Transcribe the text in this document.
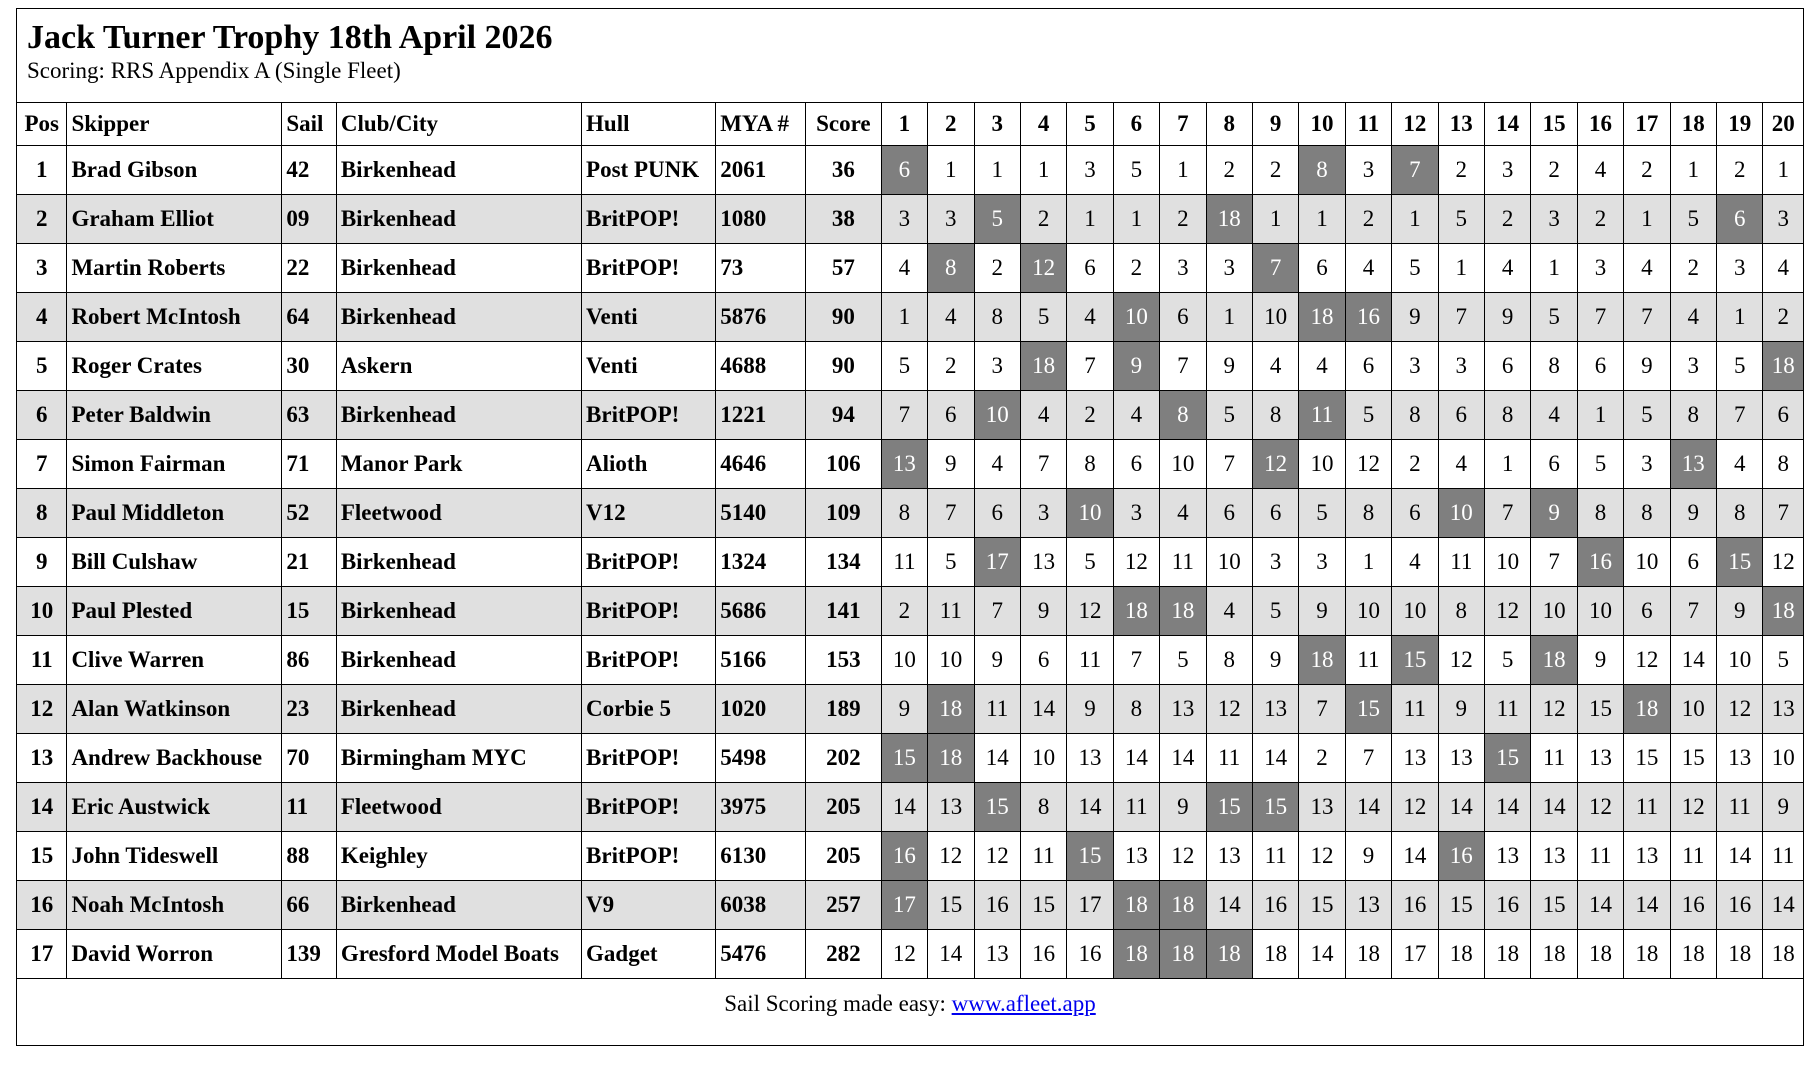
Jack Turner Trophy 18th April 2026
Scoring: RRS Appendix A (Single Fleet)
Pos	Skipper	Sail	Club/City	Hull	MYA #	Score	1	2	3	4	5	6	7	8	9	10	11	12	13	14	15	16	17	18	19	20
1	Brad Gibson	42	Birkenhead	Post PUNK	2061	36	6	1	1	1	3	5	1	2	2	8	3	7	2	3	2	4	2	1	2	1
2	Graham Elliot	09	Birkenhead	BritPOP!	1080	38	3	3	5	2	1	1	2	18	1	1	2	1	5	2	3	2	1	5	6	3
3	Martin Roberts	22	Birkenhead	BritPOP!	73	57	4	8	2	12	6	2	3	3	7	6	4	5	1	4	1	3	4	2	3	4
4	Robert McIntosh	64	Birkenhead	Venti	5876	90	1	4	8	5	4	10	6	1	10	18	16	9	7	9	5	7	7	4	1	2
5	Roger Crates	30	Askern	Venti	4688	90	5	2	3	18	7	9	7	9	4	4	6	3	3	6	8	6	9	3	5	18
6	Peter Baldwin	63	Birkenhead	BritPOP!	1221	94	7	6	10	4	2	4	8	5	8	11	5	8	6	8	4	1	5	8	7	6
7	Simon Fairman	71	Manor Park	Alioth	4646	106	13	9	4	7	8	6	10	7	12	10	12	2	4	1	6	5	3	13	4	8
8	Paul Middleton	52	Fleetwood	V12	5140	109	8	7	6	3	10	3	4	6	6	5	8	6	10	7	9	8	8	9	8	7
9	Bill Culshaw	21	Birkenhead	BritPOP!	1324	134	11	5	17	13	5	12	11	10	3	3	1	4	11	10	7	16	10	6	15	12
10	Paul Plested	15	Birkenhead	BritPOP!	5686	141	2	11	7	9	12	18	18	4	5	9	10	10	8	12	10	10	6	7	9	18
11	Clive Warren	86	Birkenhead	BritPOP!	5166	153	10	10	9	6	11	7	5	8	9	18	11	15	12	5	18	9	12	14	10	5
12	Alan Watkinson	23	Birkenhead	Corbie 5	1020	189	9	18	11	14	9	8	13	12	13	7	15	11	9	11	12	15	18	10	12	13
13	Andrew Backhouse	70	Birmingham MYC	BritPOP!	5498	202	15	18	14	10	13	14	14	11	14	2	7	13	13	15	11	13	15	15	13	10
14	Eric Austwick	11	Fleetwood	BritPOP!	3975	205	14	13	15	8	14	11	9	15	15	13	14	12	14	14	14	12	11	12	11	9
15	John Tideswell	88	Keighley	BritPOP!	6130	205	16	12	12	11	15	13	12	13	11	12	9	14	16	13	13	11	13	11	14	11
16	Noah McIntosh	66	Birkenhead	V9	6038	257	17	15	16	15	17	18	18	14	16	15	13	16	15	16	15	14	14	16	16	14
17	David Worron	139	Gresford Model Boats	Gadget	5476	282	12	14	13	16	16	18	18	18	18	14	18	17	18	18	18	18	18	18	18	18
Sail Scoring made easy: www.afleet.app
